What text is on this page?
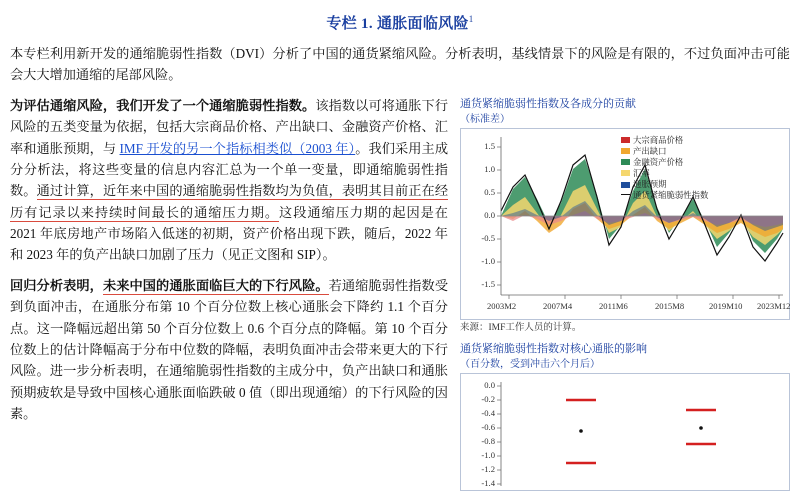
专栏 1. 通胀面临风险$^1$

本专栏利用新开发的通缩脆弱性指数（DVI）分析了中国的通货紧缩风险。分析表明，基线情景下的风险是有限的，不过负面冲击可能会大大增加通缩的尾部风险。

为评估通缩风险，我们开发了一个通缩脆弱性指数。该指数以可将通胀下行风险的五类变量为依据，包括大宗商品价格、产出缺口、金融资产价格、汇率和通胀预期，与 IMF 开发的另一个指标相类似（2003 年）。我们采用主成分分析法，将这些变量的信息内容汇总为一个单一变量，即通缩脆弱性指数。通过计算，近年来中国的通缩脆弱性指数均为负值，表明其目前正在经历有记录以来持续时间最长的通缩压力期。这段通缩压力期的起因是在 2021 年底房地产市场陷入低迷的初期，资产价格出现下跌，随后，2022 年和 2023 年的负产出缺口加剧了压力（见正文图和 SIP）。

回归分析表明，未来中国的通胀面临巨大的下行风险。若通缩脆弱性指数受到负面冲击，在通胀分布第 10 个百分位数上核心通胀会下降约 1.1 个百分点。这一降幅远超出第 50 个百分位数上 0.6 个百分点的降幅。第 10 个百分位数上的估计降幅高于分布中位数的降幅，表明负面冲击会带来更大的下行风险。进一步分析表明，在通缩脆弱性指数的主成分中，负产出缺口和通胀预期疲软是导致中国核心通胀面临跌破 0 值（即出现通缩）的下行风险的因素。

通货紧缩脆弱性指数及各成分的贡献
（标准差）
1.5
1.0
0.5
0.0
-0.5
-1.0
-1.5
2003M2	2007M4	2011M6	2015M8	2019M10 2023M12
大宗商品价格
产出缺口
金融资产价格
汇率
通胀预期
通货紧缩脆弱性指数
来源：IMF工作人员的计算。
通货紧缩脆弱性指数对核心通胀的影响
（百分数，受到冲击六个月后）
0.0
-0.2
-0.4
-0.6
-0.8
-1.0
-1.2
-1.4
